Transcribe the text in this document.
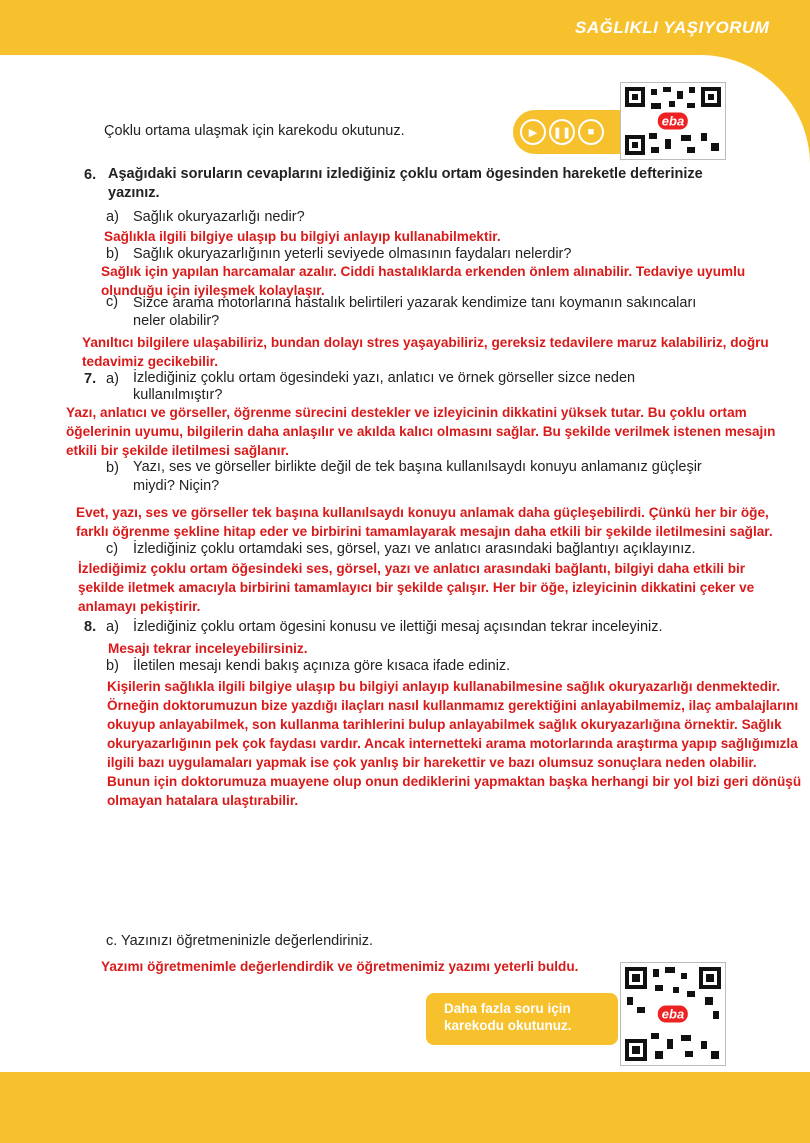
SAĞLIKLI YAŞIYORUM
Çoklu ortama ulaşmak için karekodu okutunuz.	▶	❚❚	■
eba
6. Aşağıdaki soruların cevaplarını izlediğiniz çoklu ortam ögesinden hareketle defterinize yazınız.
a) Sağlık okuryazarlığı nedir?
Sağlıkla ilgili bilgiye ulaşıp bu bilgiyi anlayıp kullanabilmektir.
b) Sağlık okuryazarlığının yeterli seviyede olmasının faydaları nelerdir?
Sağlık için yapılan harcamalar azalır. Ciddi hastalıklarda erkenden önlem alınabilir. Tedaviye uyumlu olunduğu için iyileşmek kolaylaşır.
c) Sizce arama motorlarına hastalık belirtileri yazarak kendimize tanı koymanın sakıncaları neler olabilir?
Yanıltıcı bilgilere ulaşabiliriz, bundan dolayı stres yaşayabiliriz, gereksiz tedavilere maruz kalabiliriz, doğru tedavimiz gecikebilir.
7. a) İzlediğiniz çoklu ortam ögesindeki yazı, anlatıcı ve örnek görseller sizce neden kullanılmıştır?
Yazı, anlatıcı ve görseller, öğrenme sürecini destekler ve izleyicinin dikkatini yüksek tutar. Bu çoklu ortam öğelerinin uyumu, bilgilerin daha anlaşılır ve akılda kalıcı olmasını sağlar. Bu şekilde verilmek istenen mesajın etkili bir şekilde iletilmesi sağlanır.
b) Yazı, ses ve görseller birlikte değil de tek başına kullanılsaydı konuyu anlamanız güçleşir miydi? Niçin?
Evet, yazı, ses ve görseller tek başına kullanılsaydı konuyu anlamak daha güçleşebilirdi. Çünkü her bir öğe, farklı öğrenme şekline hitap eder ve birbirini tamamlayarak mesajın daha etkili bir şekilde iletilmesini sağlar.
c) İzlediğiniz çoklu ortamdaki ses, görsel, yazı ve anlatıcı arasındaki bağlantıyı açıklayınız.
İzlediğimiz çoklu ortam öğesindeki ses, görsel, yazı ve anlatıcı arasındaki bağlantı, bilgiyi daha etkili bir şekilde iletmek amacıyla birbirini tamamlayıcı bir şekilde çalışır. Her bir öğe, izleyicinin dikkatini çeker ve anlamayı pekiştirir.
8. a) İzlediğiniz çoklu ortam ögesini konusu ve ilettiği mesaj açısından tekrar inceleyiniz.
Mesajı tekrar inceleyebilirsiniz.
b) İletilen mesajı kendi bakış açınıza göre kısaca ifade ediniz.
Kişilerin sağlıkla ilgili bilgiye ulaşıp bu bilgiyi anlayıp kullanabilmesine sağlık okuryazarlığı denmektedir. Örneğin doktorumuzun bize yazdığı ilaçları nasıl kullanmamız gerektiğini anlayabilmemiz, ilaç ambalajlarını okuyup anlayabilmek, son kullanma tarihlerini bulup anlayabilmek sağlık okuryazarlığına örnektir. Sağlık okuryazarlığının pek çok faydası vardır. Ancak internetteki arama motorlarında araştırma yapıp sağlığımızla ilgili bazı uygulamaları yapmak ise çok yanlış bir harekettir ve bazı olumsuz sonuçlara neden olabilir. Bunun için doktorumuza muayene olup onun dediklerini yapmaktan başka herhangi bir yol bizi geri dönüşü olmayan hatalara ulaştırabilir.
c. Yazınızı öğretmeninizle değerlendiriniz.
Yazımı öğretmenimle değerlendirdik ve öğretmenimiz yazımı yeterli buldu.
Daha fazla soru için
karekodu okutunuz.
eba
